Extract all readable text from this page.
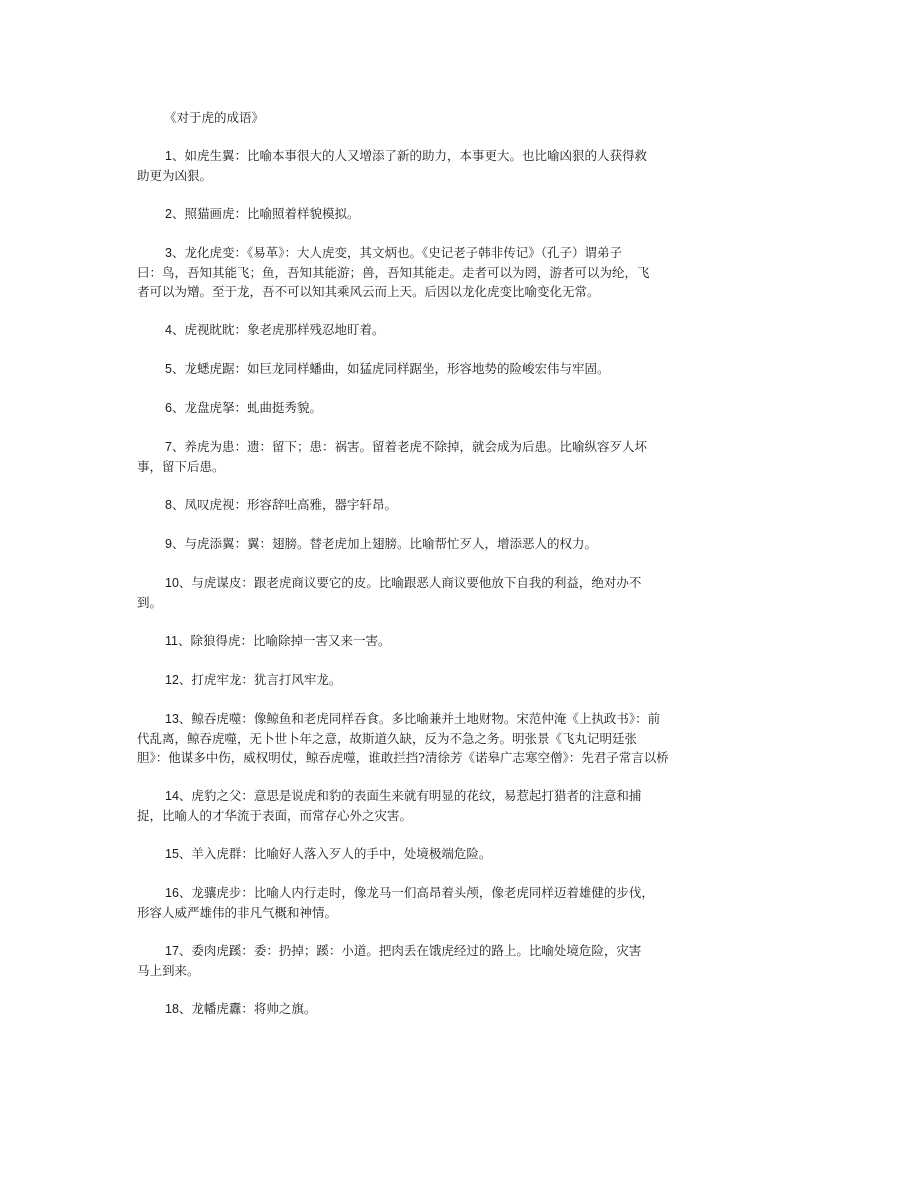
《对于虎的成语》
1、如虎生翼：比喻本事很大的人又增添了新的助力，本事更大。也比喻凶狠的人获得救
助更为凶狠。
2、照猫画虎：比喻照着样貌模拟。
3、龙化虎变：《易革》：大人虎变，其文炳也。《史记老子韩非传记》（孔子）谓弟子
曰：鸟，吾知其能飞；鱼，吾知其能游；兽，吾知其能走。走者可以为罔，游者可以为纶，飞
者可以为矰。至于龙，吾不可以知其乘风云而上天。后因以龙化虎变比喻变化无常。
4、虎视眈眈：象老虎那样残忍地盯着。
5、龙蟋虎踞：如巨龙同样蟠曲，如猛虎同样踞坐，形容地势的险峻宏伟与牢固。
6、龙盘虎拏：虬曲挺秀貌。
7、养虎为患：遗：留下；患：祸害。留着老虎不除掉，就会成为后患。比喻纵容歹人坏
事，留下后患。
8、凤叹虎视：形容辞吐高雅，器宇轩昂。
9、与虎添翼：翼：翅膀。替老虎加上翅膀。比喻帮忙歹人，增添恶人的权力。
10、与虎谋皮：跟老虎商议要它的皮。比喻跟恶人商议要他放下自我的利益，绝对办不
到。
11、除狼得虎：比喻除掉一害又来一害。
12、打虎牢龙：犹言打风牢龙。
13、鲸吞虎噬：像鲸鱼和老虎同样吞食。多比喻兼并土地财物。宋范仲淹《上执政书》：前
代乱离，鲸吞虎噬，无卜世卜年之意，故斯道久缺，反为不急之务。明张景《飞丸记明廷张
胆》：他谋多中伤，威权明仗，鲸吞虎噬，谁敢拦挡?清徐芳《诺皋广志寒空僧》：先君子常言以桥
14、虎豹之父：意思是说虎和豹的表面生来就有明显的花纹，易惹起打猎者的注意和捕
捉，比喻人的才华流于表面，而常存心外之灾害。
15、羊入虎群：比喻好人落入歹人的手中，处境极端危险。
16、龙骧虎步：比喻人内行走时，像龙马一们高昂着头颅，像老虎同样迈着雄健的步伐，
形容人威严雄伟的非凡气概和神情。
17、委肉虎蹊：委：扔掉；蹊：小道。把肉丢在饿虎经过的路上。比喻处境危险，灾害
马上到来。
18、龙幡虎纛：将帅之旗。
